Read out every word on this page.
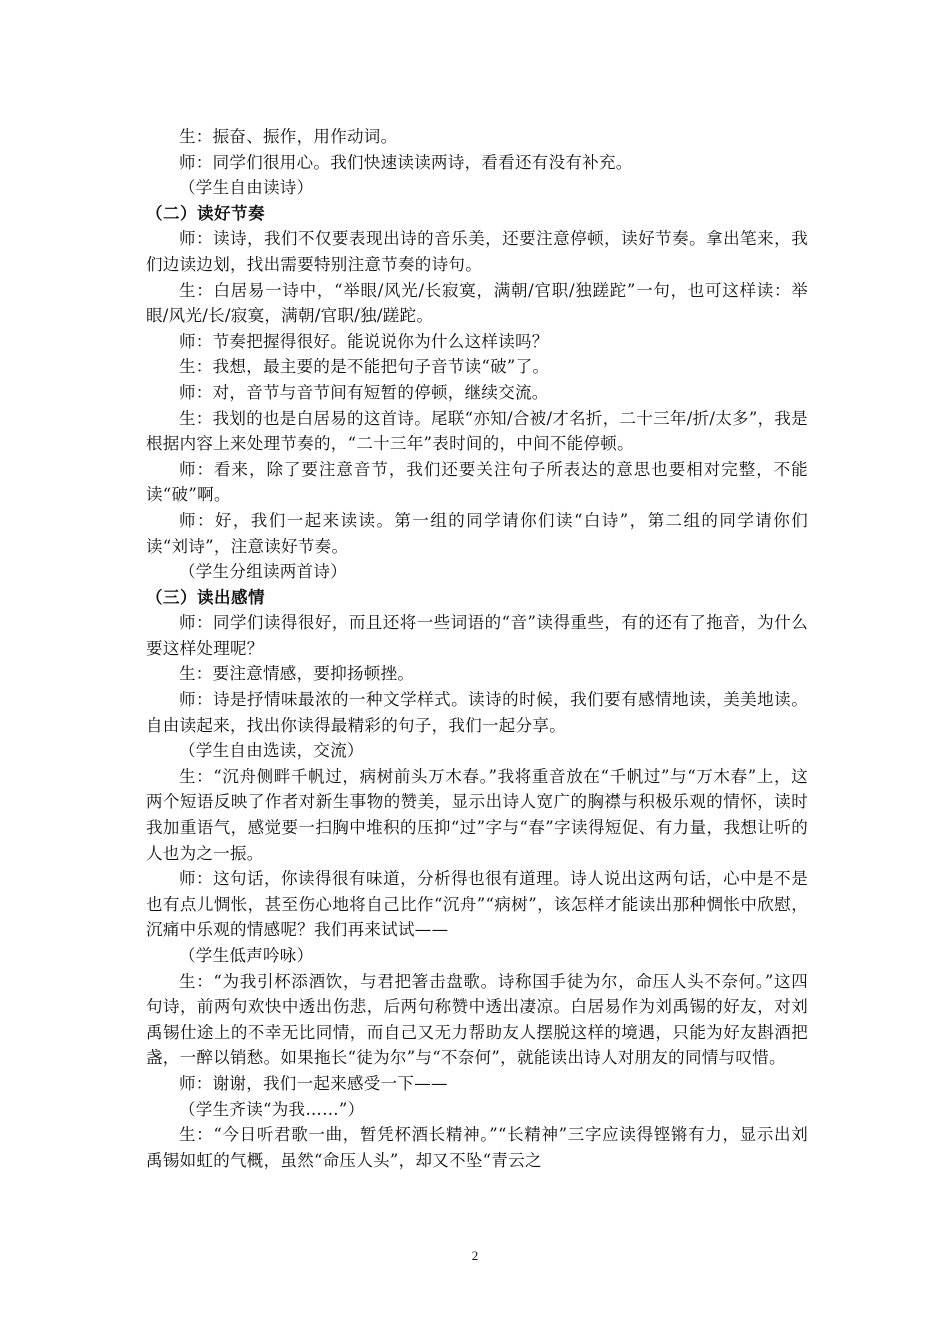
生：振奋、振作，用作动词。

师：同学们很用心。我们快速读读两诗，看看还有没有补充。

（学生自由读诗）

（二）读好节奏

师：读诗，我们不仅要表现出诗的音乐美，还要注意停顿，读好节奏。拿出笔来，我们边读边划，找出需要特别注意节奏的诗句。

生：白居易一诗中，“举眼/风光/长寂寞，满朝/官职/独蹉跎”一句，也可这样读：举眼/风光/长/寂寞，满朝/官职/独/蹉跎。

师：节奏把握得很好。能说说你为什么这样读吗？

生：我想，最主要的是不能把句子音节读“破”了。

师：对，音节与音节间有短暂的停顿，继续交流。

生：我划的也是白居易的这首诗。尾联“亦知/合被/才名折，二十三年/折/太多”，我是根据内容上来处理节奏的，“二十三年”表时间的，中间不能停顿。

师：看来，除了要注意音节，我们还要关注句子所表达的意思也要相对完整，不能读“破”啊。

师：好，我们一起来读读。第一组的同学请你们读“白诗”，第二组的同学请你们读“刘诗”，注意读好节奏。

（学生分组读两首诗）

（三）读出感情

师：同学们读得很好，而且还将一些词语的“音”读得重些，有的还有了拖音，为什么要这样处理呢？

生：要注意情感，要抑扬顿挫。

师：诗是抒情味最浓的一种文学样式。读诗的时候，我们要有感情地读，美美地读。自由读起来，找出你读得最精彩的句子，我们一起分享。

（学生自由选读，交流）

生：“沉舟侧畔千帆过，病树前头万木春。”我将重音放在“千帆过”与“万木春”上，这两个短语反映了作者对新生事物的赞美，显示出诗人宽广的胸襟与积极乐观的情怀，读时我加重语气，感觉要一扫胸中堆积的压抑“过”字与“春”字读得短促、有力量，我想让听的人也为之一振。

师：这句话，你读得很有味道，分析得也很有道理。诗人说出这两句话，心中是不是也有点儿惆怅，甚至伤心地将自己比作“沉舟”“病树”，该怎样才能读出那种惆怅中欣慰，沉痛中乐观的情感呢？我们再来试试——

（学生低声吟咏）

生：“为我引杯添酒饮，与君把箸击盘歌。诗称国手徒为尔，命压人头不奈何。”这四句诗，前两句欢快中透出伤悲，后两句称赞中透出凄凉。白居易作为刘禹锡的好友，对刘禹锡仕途上的不幸无比同情，而自己又无力帮助友人摆脱这样的境遇，只能为好友斟酒把盏，一醉以销愁。如果拖长“徒为尔”与“不奈何”，就能读出诗人对朋友的同情与叹惜。

师：谢谢，我们一起来感受一下——

（学生齐读“为我……”）

生：“今日听君歌一曲，暂凭杯酒长精神。”“长精神”三字应读得铿锵有力，显示出刘禹锡如虹的气概，虽然“命压人头”，却又不坠“青云之

2
